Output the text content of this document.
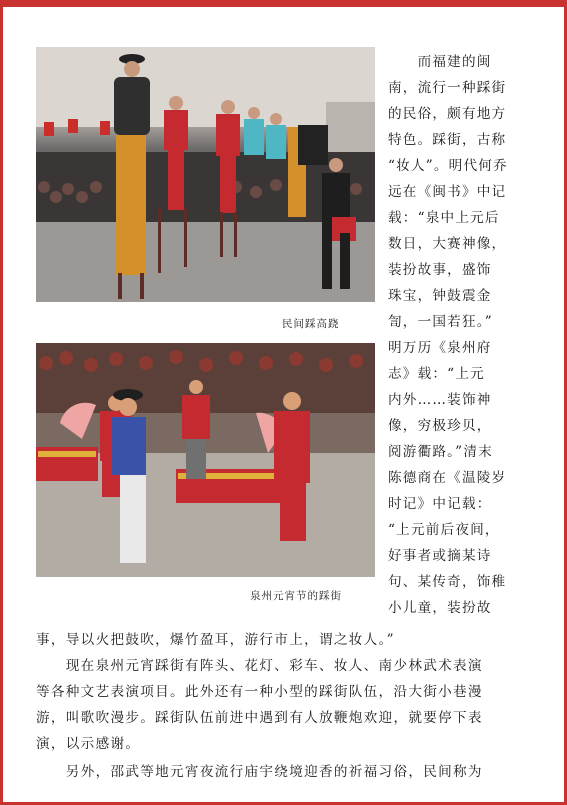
民间踩高跷
泉州元宵节的踩街
　　而福建的闽
南，流行一种踩街
的民俗，颇有地方
特色。踩街，古称
“妆人”。明代何乔
远在《闽书》中记
载：“泉中上元后
数日，大赛神像，
装扮故事，盛饰
珠宝，钟鼓震金
訇，一国若狂。”
明万历《泉州府
志》载：“上元
内外……装饰神
像，穷极珍贝，
阅游衢路。”清末
陈德商在《温陵岁
时记》中记载：
“上元前后夜间，
好事者或摘某诗
句、某传奇，饰稚
小儿童，装扮故
事，导以火把鼓吹，爆竹盈耳，游行市上，谓之妆人。”
　　现在泉州元宵踩街有阵头、花灯、彩车、妆人、南少林武术表演
等各种文艺表演项目。此外还有一种小型的踩街队伍，沿大街小巷漫
游，叫歌吹漫步。踩街队伍前进中遇到有人放鞭炮欢迎，就要停下表
演，以示感谢。
　　另外，邵武等地元宵夜流行庙宇绕境迎香的祈福习俗，民间称为
